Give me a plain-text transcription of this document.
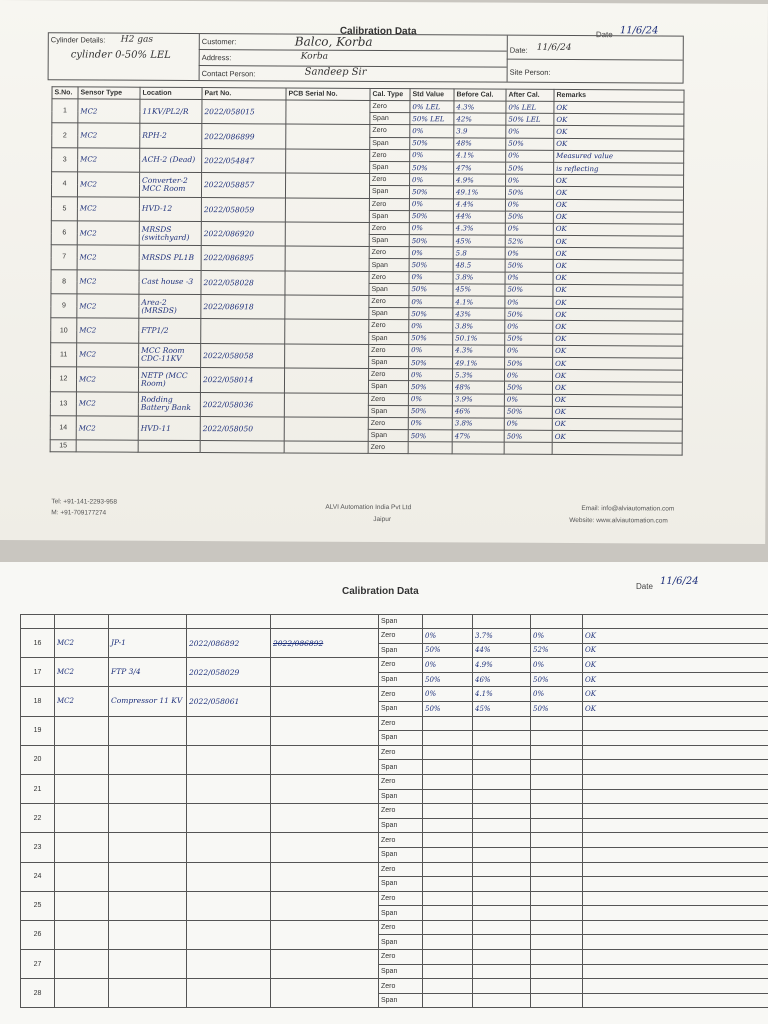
Calibration Data	Date 11/6/24
Cylinder Details: H2 gas
cylinder 0-50% LEL
Customer:	Balco, Korba
Address:	Korba
Contact Person:	Sandeep Sir
Date: 11/6/24
Site Person:
S.No.	Sensor Type	Location	Part No.	PCB Serial No.	Cal. Type	Std Value	Before Cal.	After Cal.	Remarks
1	MC2	11KV/PL2/R	2022/058015		Zero	0% LEL	4.3%	0% LEL	OK
					Span	50% LEL	42%	50% LEL	OK
2	MC2	RPH-2	2022/086899		Zero	0%	3.9	0%	OK
					Span	50%	48%	50%	OK
3	MC2	ACH-2 (Dead)	2022/054847		Zero	0%	4.1%	0%	Measured value
					Span	50%	47%	50%	is reflecting
4	MC2	Converter-2 MCC Room	2022/058857		Zero	0%	4.9%	0%	OK
					Span	50%	49.1%	50%	OK
5	MC2	HVD-12	2022/058059		Zero	0%	4.4%	0%	OK
					Span	50%	44%	50%	OK
6	MC2	MRSDS (switchyard)	2022/086920		Zero	0%	4.3%	0%	OK
					Span	50%	45%	52%	OK
7	MC2	MRSDS PL1B	2022/086895		Zero	0%	5.8	0%	OK
					Span	50%	48.5	50%	OK
8	MC2	Cast house -3	2022/058028		Zero	0%	3.8%	0%	OK
					Span	50%	45%	50%	OK
9	MC2	Area-2 (MRSDS)	2022/086918		Zero	0%	4.1%	0%	OK
					Span	50%	43%	50%	OK
10	MC2	FTP1/2			Zero	0%	3.8%	0%	OK
					Span	50%	50.1%	50%	OK
11	MC2	MCC Room CDC-11KV	2022/058058		Zero	0%	4.3%	0%	OK
					Span	50%	49.1%	50%	OK
12	MC2	NETP (MCC Room)	2022/058014		Zero	0%	5.3%	0%	OK
					Span	50%	48%	50%	OK
13	MC2	Rodding Battery Bank	2022/058036		Zero	0%	3.9%	0%	OK
					Span	50%	46%	50%	OK
14	MC2	HVD-11	2022/058050		Zero	0%	3.8%	0%	OK
					Span	50%	47%	50%	OK
15					Zero				
Tel: +91-141-2293-958
M: +91-709177274
ALVI Automation India Pvt Ltd
Jaipur
Email: info@alviautomation.com
Website: www.alviautomation.com
Calibration Data	Date 11/6/24
					Span				
16	MC2	JP-1	2022/086892	2022/086892	Zero	0%	3.7%	0%	OK
					Span	50%	44%	52%	OK
17	MC2	FTP 3/4	2022/058029		Zero	0%	4.9%	0%	OK
					Span	50%	46%	50%	OK
18	MC2	Compressor 11 KV	2022/058061		Zero	0%	4.1%	0%	OK
					Span	50%	45%	50%	OK
19					Zero				
					Span				
20					Zero				
					Span				
21					Zero				
					Span				
22					Zero				
					Span				
23					Zero				
					Span				
24					Zero				
					Span				
25					Zero				
					Span				
26					Zero				
					Span				
27					Zero				
					Span				
28					Zero				
					Span				
